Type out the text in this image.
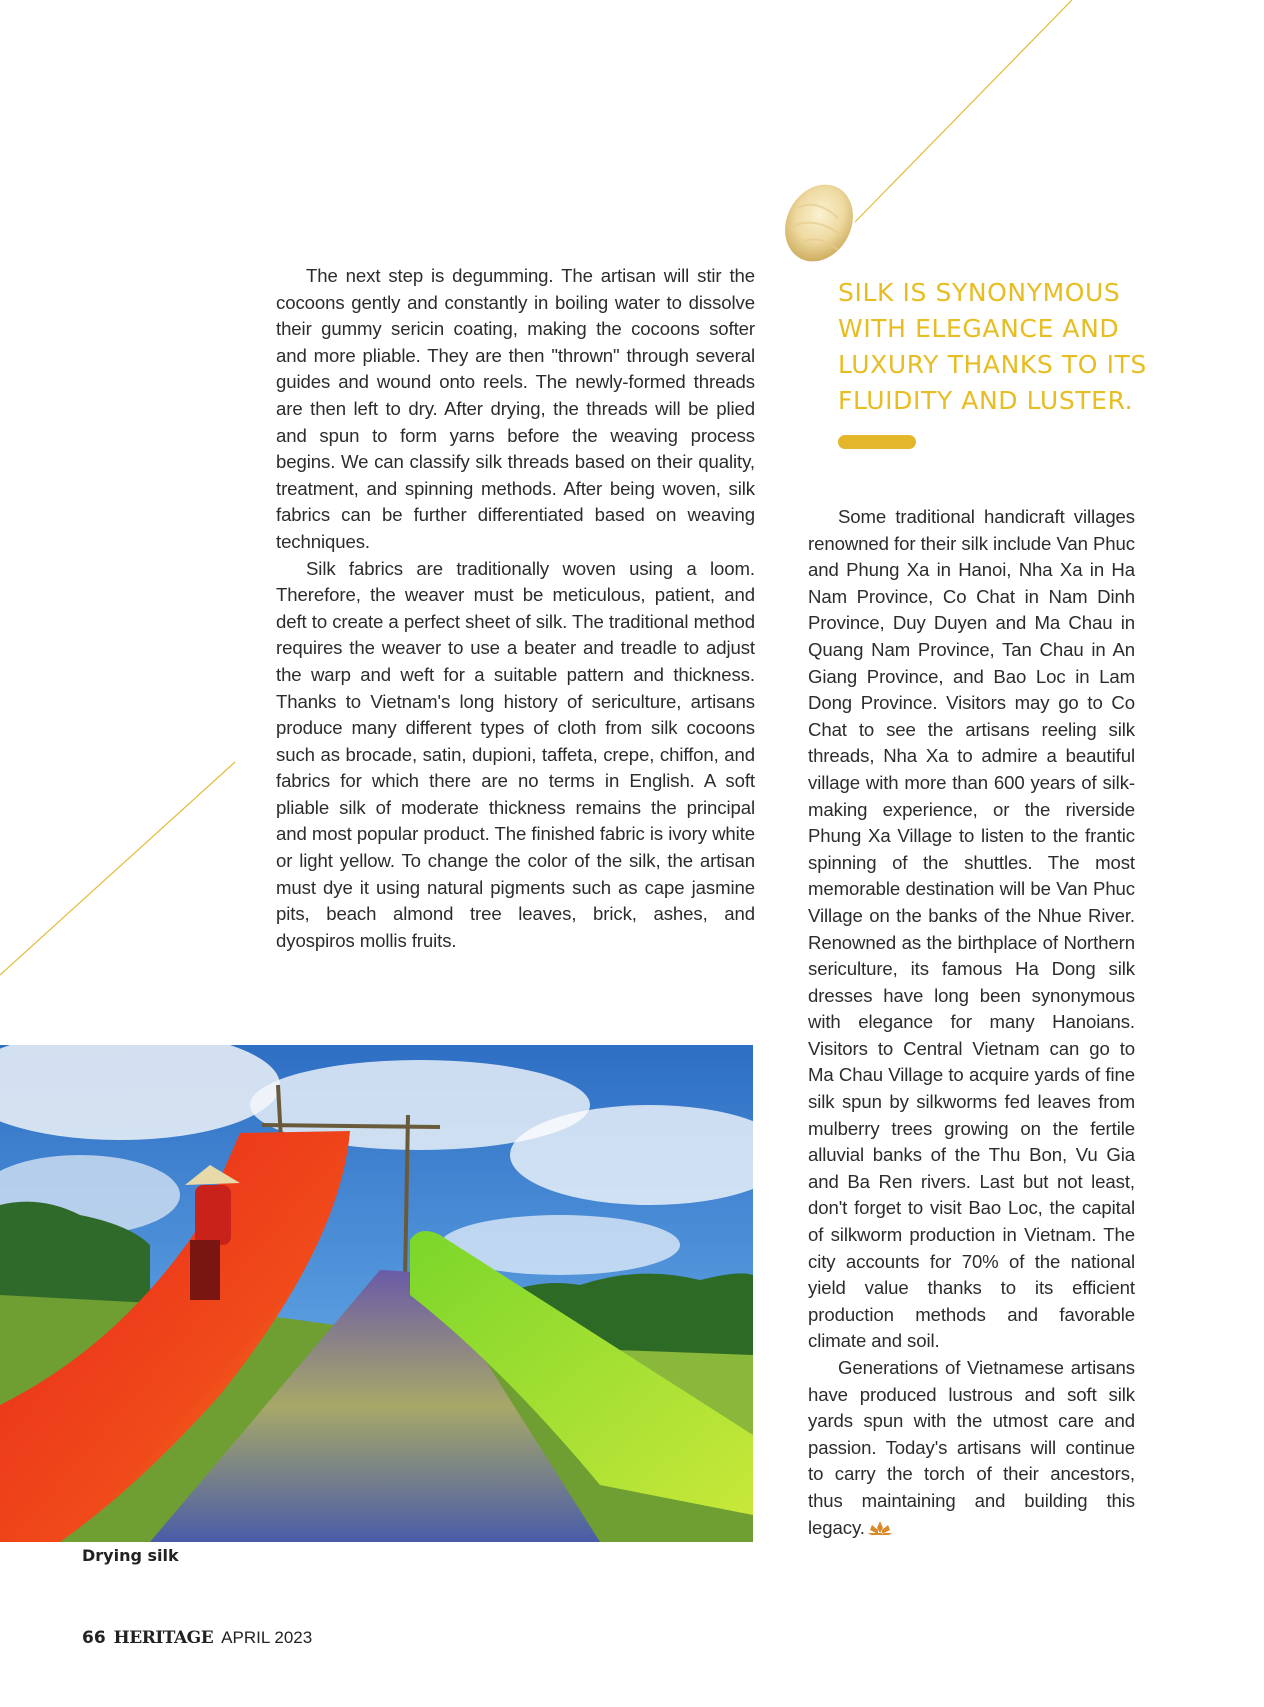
The next step is degumming. The artisan will stir the cocoons gently and constantly in boiling water to dissolve their gummy sericin coating, making the cocoons softer and more pliable. They are then "thrown" through several guides and wound onto reels. The newly-formed threads are then left to dry. After drying, the threads will be plied and spun to form yarns before the weaving process begins. We can classify silk threads based on their quality, treatment, and spinning methods. After being woven, silk fabrics can be further differentiated based on weaving techniques.

Silk fabrics are traditionally woven using a loom. Therefore, the weaver must be meticulous, patient, and deft to create a perfect sheet of silk. The traditional method requires the weaver to use a beater and treadle to adjust the warp and weft for a suitable pattern and thickness. Thanks to Vietnam's long history of sericulture, artisans produce many different types of cloth from silk cocoons such as brocade, satin, dupioni, taffeta, crepe, chiffon, and fabrics for which there are no terms in English. A soft pliable silk of moderate thickness remains the principal and most popular product. The finished fabric is ivory white or light yellow. To change the color of the silk, the artisan must dye it using natural pigments such as cape jasmine pits, beach almond tree leaves, brick, ashes, and dyospiros mollis fruits.

SILK IS SYNONYMOUS WITH ELEGANCE AND LUXURY THANKS TO ITS FLUIDITY AND LUSTER.

Some traditional handicraft villages renowned for their silk include Van Phuc and Phung Xa in Hanoi, Nha Xa in Ha Nam Province, Co Chat in Nam Dinh Province, Duy Duyen and Ma Chau in Quang Nam Province, Tan Chau in An Giang Province, and Bao Loc in Lam Dong Province. Visitors may go to Co Chat to see the artisans reeling silk threads, Nha Xa to admire a beautiful village with more than 600 years of silk-making experience, or the riverside Phung Xa Village to listen to the frantic spinning of the shuttles. The most memorable destination will be Van Phuc Village on the banks of the Nhue River. Renowned as the birthplace of Northern sericulture, its famous Ha Dong silk dresses have long been synonymous with elegance for many Hanoians. Visitors to Central Vietnam can go to Ma Chau Village to acquire yards of fine silk spun by silkworms fed leaves from mulberry trees growing on the fertile alluvial banks of the Thu Bon, Vu Gia and Ba Ren rivers. Last but not least, don't forget to visit Bao Loc, the capital of silkworm production in Vietnam. The city accounts for 70% of the national yield value thanks to its efficient production methods and favorable climate and soil.

Generations of Vietnamese artisans have produced lustrous and soft silk yards spun with the utmost care and passion. Today's artisans will continue to carry the torch of their ancestors, thus maintaining and building this legacy.

Drying silk
66 HERITAGE APRIL 2023
